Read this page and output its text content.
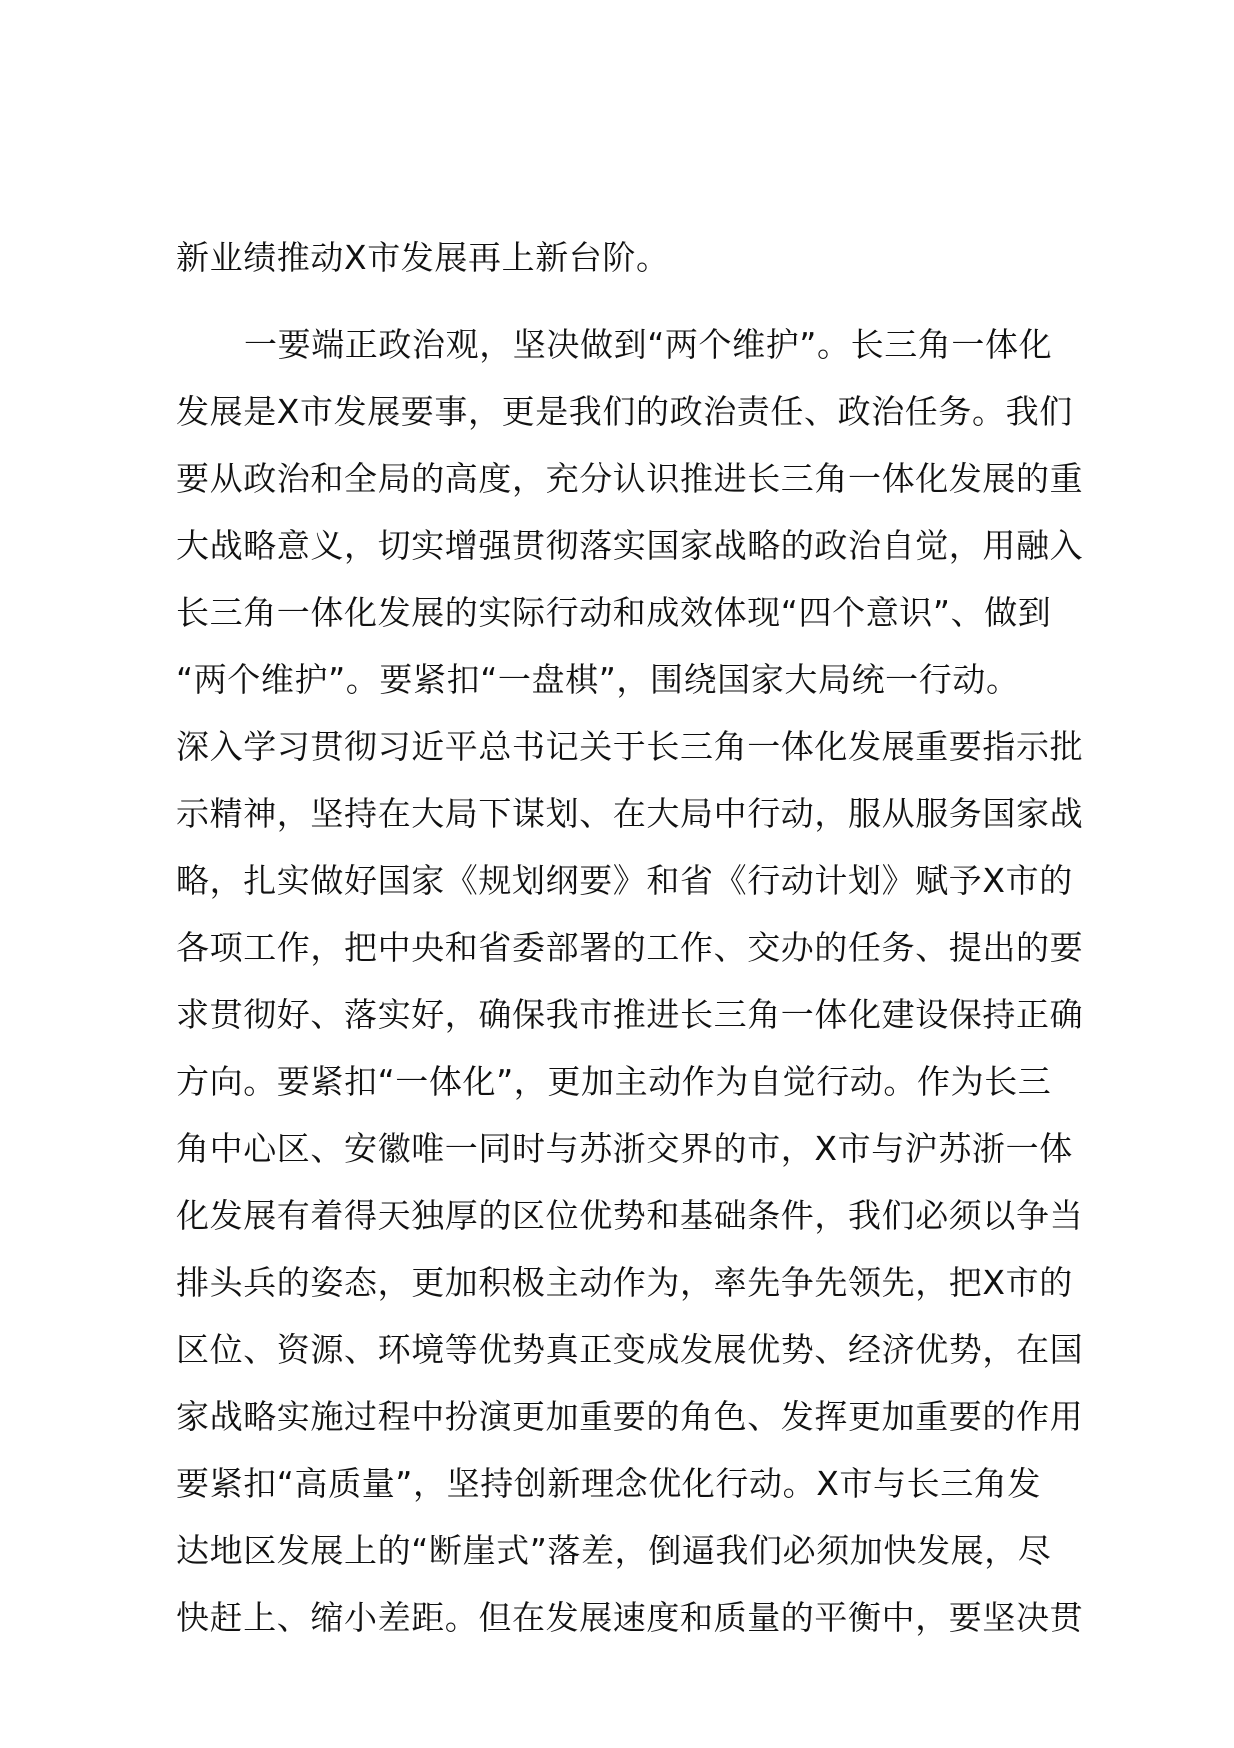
新业绩推动X市发展再上新台阶。

一要端正政治观，坚决做到“两个维护”。长三角一体化

发展是X市发展要事，更是我们的政治责任、政治任务。我们

要从政治和全局的高度，充分认识推进长三角一体化发展的重

大战略意义，切实增强贯彻落实国家战略的政治自觉，用融入

长三角一体化发展的实际行动和成效体现“四个意识”、做到

“两个维护”。要紧扣“一盘棋”，围绕国家大局统一行动。

深入学习贯彻习近平总书记关于长三角一体化发展重要指示批

示精神，坚持在大局下谋划、在大局中行动，服从服务国家战

略，扎实做好国家《规划纲要》和省《行动计划》赋予X市的

各项工作，把中央和省委部署的工作、交办的任务、提出的要

求贯彻好、落实好，确保我市推进长三角一体化建设保持正确

方向。要紧扣“一体化”，更加主动作为自觉行动。作为长三

角中心区、安徽唯一同时与苏浙交界的市，X市与沪苏浙一体

化发展有着得天独厚的区位优势和基础条件，我们必须以争当

排头兵的姿态，更加积极主动作为，率先争先领先，把X市的

区位、资源、环境等优势真正变成发展优势、经济优势，在国

家战略实施过程中扮演更加重要的角色、发挥更加重要的作用

要紧扣“高质量”，坚持创新理念优化行动。X市与长三角发

达地区发展上的“断崖式”落差，倒逼我们必须加快发展，尽

快赶上、缩小差距。但在发展速度和质量的平衡中，要坚决贯
